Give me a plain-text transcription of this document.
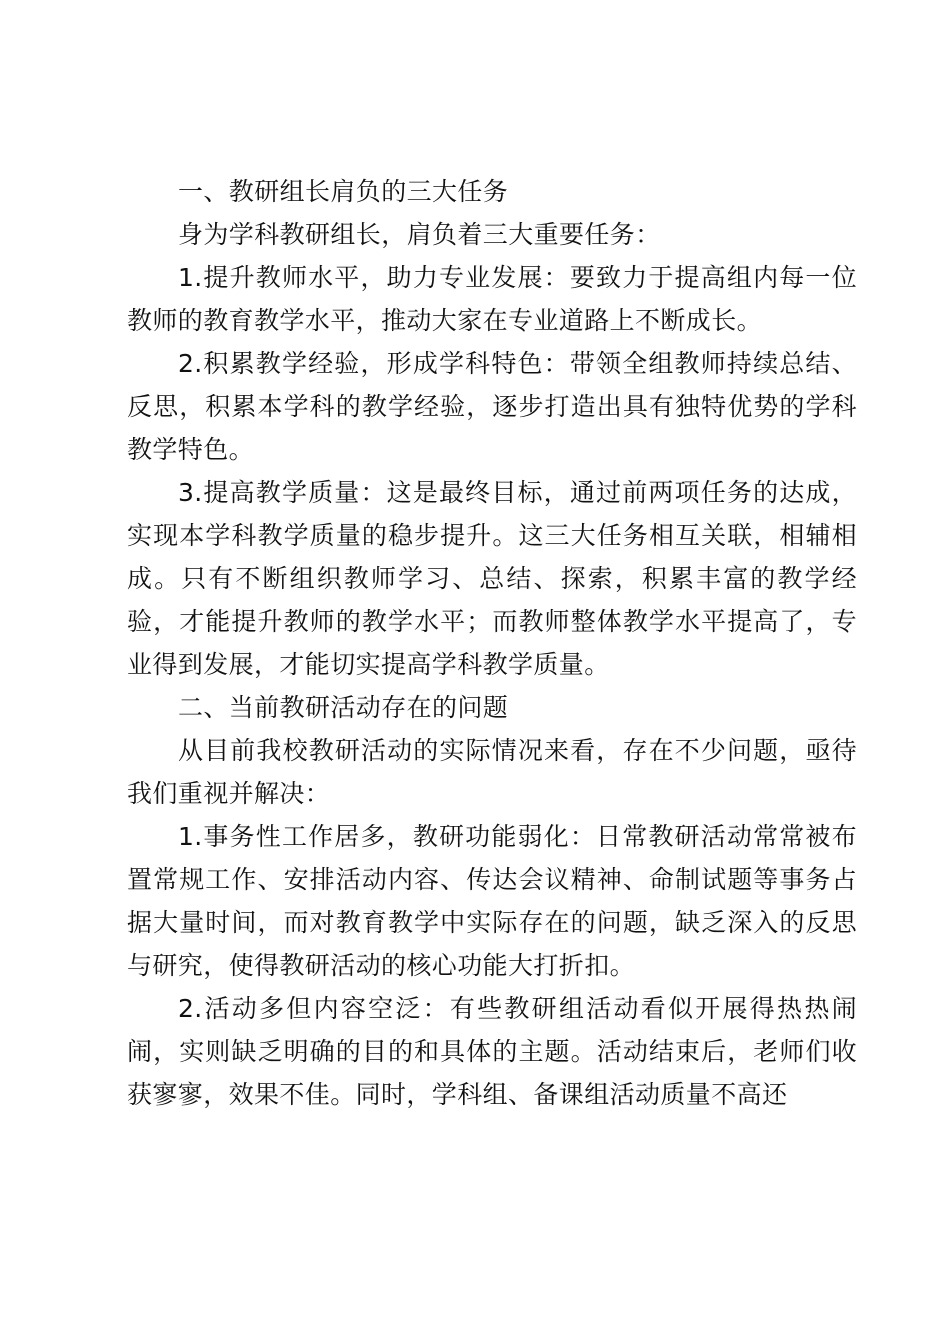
一、教研组长肩负的三大任务

身为学科教研组长，肩负着三大重要任务：

1.提升教师水平，助力专业发展：要致力于提高组内每一位教师的教育教学水平，推动大家在专业道路上不断成长。

2.积累教学经验，形成学科特色：带领全组教师持续总结、反思，积累本学科的教学经验，逐步打造出具有独特优势的学科教学特色。

3.提高教学质量：这是最终目标，通过前两项任务的达成，实现本学科教学质量的稳步提升。这三大任务相互关联，相辅相成。只有不断组织教师学习、总结、探索，积累丰富的教学经验，才能提升教师的教学水平；而教师整体教学水平提高了，专业得到发展，才能切实提高学科教学质量。

二、当前教研活动存在的问题

从目前我校教研活动的实际情况来看，存在不少问题，亟待我们重视并解决：

1.事务性工作居多，教研功能弱化：日常教研活动常常被布置常规工作、安排活动内容、传达会议精神、命制试题等事务占据大量时间，而对教育教学中实际存在的问题，缺乏深入的反思与研究，使得教研活动的核心功能大打折扣。

2.活动多但内容空泛：有些教研组活动看似开展得热热闹闹，实则缺乏明确的目的和具体的主题。活动结束后，老师们收获寥寥，效果不佳。同时，学科组、备课组活动质量不高还
